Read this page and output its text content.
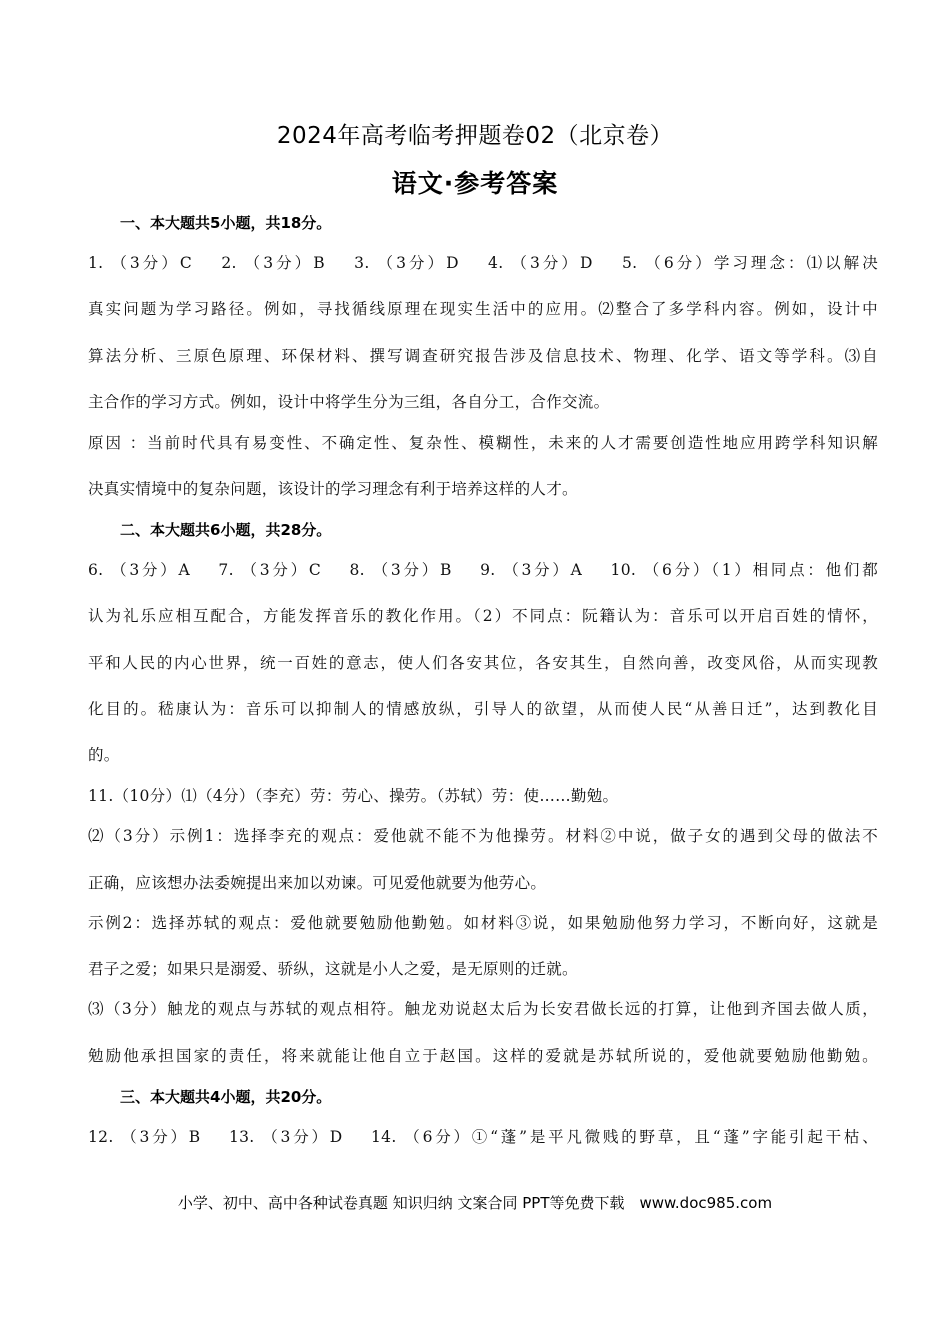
2024年高考临考押题卷02（北京卷）
语文·参考答案
一、本大题共5小题，共18分。
1. （3分）C　 2. （3分）B　 3. （3分）D　 4. （3分）D　 5. （6分）学习理念：⑴以解决
真实问题为学习路径。例如，寻找循线原理在现实生活中的应用。⑵整合了多学科内容。例如，设计中
算法分析、三原色原理、环保材料、撰写调查研究报告涉及信息技术、物理、化学、语文等学科。⑶自
主合作的学习方式。例如，设计中将学生分为三组，各自分工，合作交流。
原因 ：当前时代具有易变性、不确定性、复杂性、模糊性，未来的人才需要创造性地应用跨学科知识解
决真实情境中的复杂问题，该设计的学习理念有利于培养这样的人才。
二、本大题共6小题，共28分。
6. （3分）A　 7. （3分）C　 8. （3分）B　 9. （3分）A　 10. （6分）（1）相同点：他们都
认为礼乐应相互配合，方能发挥音乐的教化作用。（2）不同点：阮籍认为：音乐可以开启百姓的情怀，
平和人民的内心世界，统一百姓的意志，使人们各安其位，各安其生，自然向善，改变风俗，从而实现教
化目的。嵇康认为：音乐可以抑制人的情感放纵，引导人的欲望，从而使人民“从善日迁”，达到教化目
的。
11.（10分）⑴（4分）（李充）劳：劳心、操劳。（苏轼）劳：使……勤勉。
⑵（3分）示例1：选择李充的观点：爱他就不能不为他操劳。材料②中说，做子女的遇到父母的做法不
正确，应该想办法委婉提出来加以劝谏。可见爱他就要为他劳心。
示例2：选择苏轼的观点：爱他就要勉励他勤勉。如材料③说，如果勉励他努力学习，不断向好，这就是
君子之爱；如果只是溺爱、骄纵，这就是小人之爱，是无原则的迁就。
⑶（3分）触龙的观点与苏轼的观点相符。触龙劝说赵太后为长安君做长远的打算，让他到齐国去做人质，
勉励他承担国家的责任，将来就能让他自立于赵国。这样的爱就是苏轼所说的，爱他就要勉励他勤勉。
三、本大题共4小题，共20分。
12. （3分）B　 13. （3分）D　 14. （6分）①“蓬”是平凡微贱的野草，且“蓬”字能引起干枯、
小学、初中、高中各种试卷真题 知识归纳 文案合同 PPT等免费下载　www.doc985.com
